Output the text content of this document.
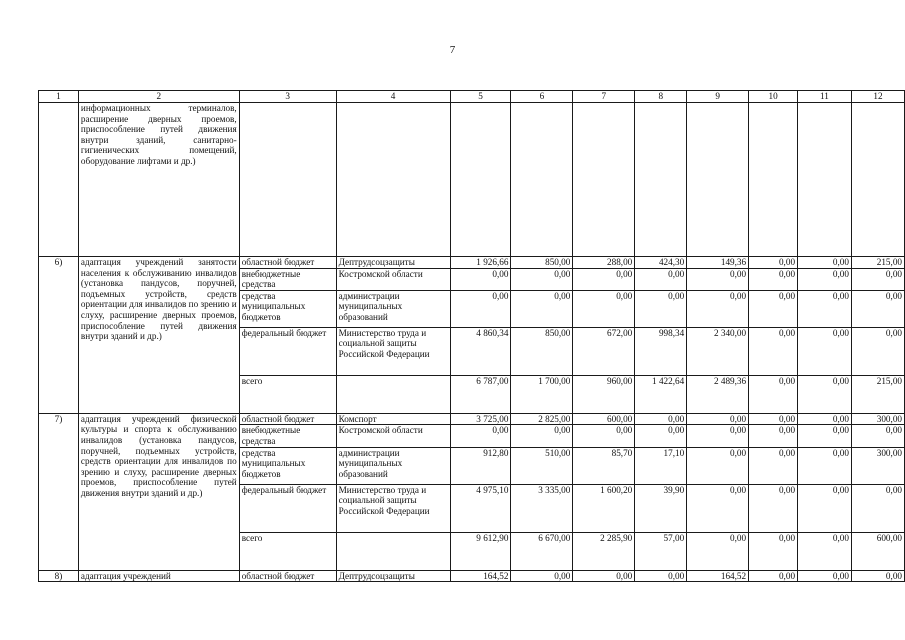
7
1	2	3	4	5	6	7	8	9	10	11	12
	информационных терминалов, расширение дверных проемов, приспособление путей движения внутри зданий, санитарно-гигиенических помещений, оборудование лифтами и др.)										
6)	адаптация учреждений занятости населения к обслуживанию инвалидов (установка пандусов, поручней, подъемных устройств, средств ориентации для инвалидов по зрению и слуху, расширение дверных проемов, приспособление путей движения внутри зданий и др.)	областной бюджет	Дептрудсоцзащиты	1 926,66	850,00	288,00	424,30	149,36	0,00	0,00	215,00
		внебюджетные средства	Костромской области	0,00	0,00	0,00	0,00	0,00	0,00	0,00	0,00
		средства муниципальных бюджетов	администрации муниципальных образований	0,00	0,00	0,00	0,00	0,00	0,00	0,00	0,00
		федеральный бюджет	Министерство труда и социальной защиты Российской Федерации	4 860,34	850,00	672,00	998,34	2 340,00	0,00	0,00	0,00
		всего		6 787,00	1 700,00	960,00	1 422,64	2 489,36	0,00	0,00	215,00
7)	адаптация учреждений физической культуры и спорта к обслуживанию инвалидов (установка пандусов, поручней, подъемных устройств, средств ориентации для инвалидов по зрению и слуху, расширение дверных проемов, приспособление путей движения внутри зданий и др.)	областной бюджет	Комспорт	3 725,00	2 825,00	600,00	0,00	0,00	0,00	0,00	300,00
		внебюджетные средства	Костромской области	0,00	0,00	0,00	0,00	0,00	0,00	0,00	0,00
		средства муниципальных бюджетов	администрации муниципальных образований	912,80	510,00	85,70	17,10	0,00	0,00	0,00	300,00
		федеральный бюджет	Министерство труда и социальной защиты Российской Федерации	4 975,10	3 335,00	1 600,20	39,90	0,00	0,00	0,00	0,00
		всего		9 612,90	6 670,00	2 285,90	57,00	0,00	0,00	0,00	600,00
8)	адаптация учреждений	областной бюджет	Дептрудсоцзащиты	164,52	0,00	0,00	0,00	164,52	0,00	0,00	0,00
